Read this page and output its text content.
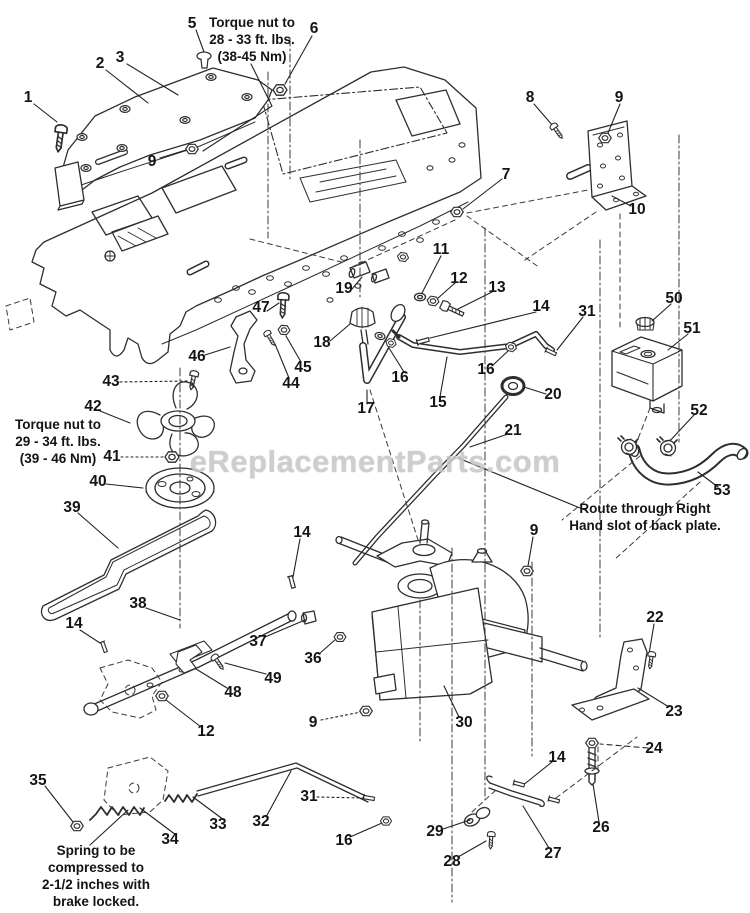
eReplacementParts.com
1
2 3
5	6
9
7
8	9
10
11
12
13
14 31
19
47
18
46
45
44
43
42
41
17
16	16
15	20
21
50
51
52
53
9
14
40
39
38
14
37
36
22
23
30
24
14
26
27
28
29
49
48
9
12
35
31
32
33
34	16
Torque nut to
28 - 33 ft. lbs.
(38-45 Nm)
Torque nut to
29 - 34 ft. lbs.
(39 - 46 Nm)
Route through Right
Hand slot of back plate.
Spring to be
compressed to
2-1/2 inches with
brake locked.
